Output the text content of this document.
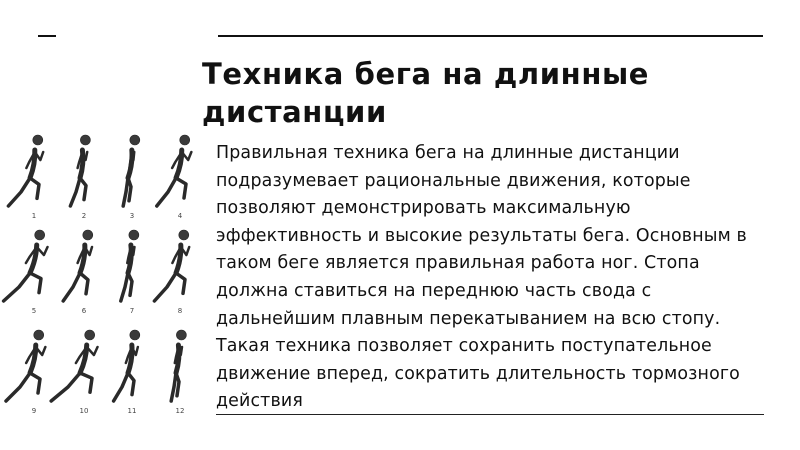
Техника бега на длинные дистанции
1	2	3	4
5	6	7	8
9	10	11	12

Правильная техника бега на длинные дистанции подразумевает рациональные движения, которые позволяют демонстрировать максимальную эффективность и высокие результаты бега. Основным в таком беге является правильная работа ног. Стопа должна ставиться на переднюю часть свода с дальнейшим плавным перекатыванием на всю стопу. Такая техника позволяет сохранить поступательное движение вперед, сократить длительность тормозного действия
